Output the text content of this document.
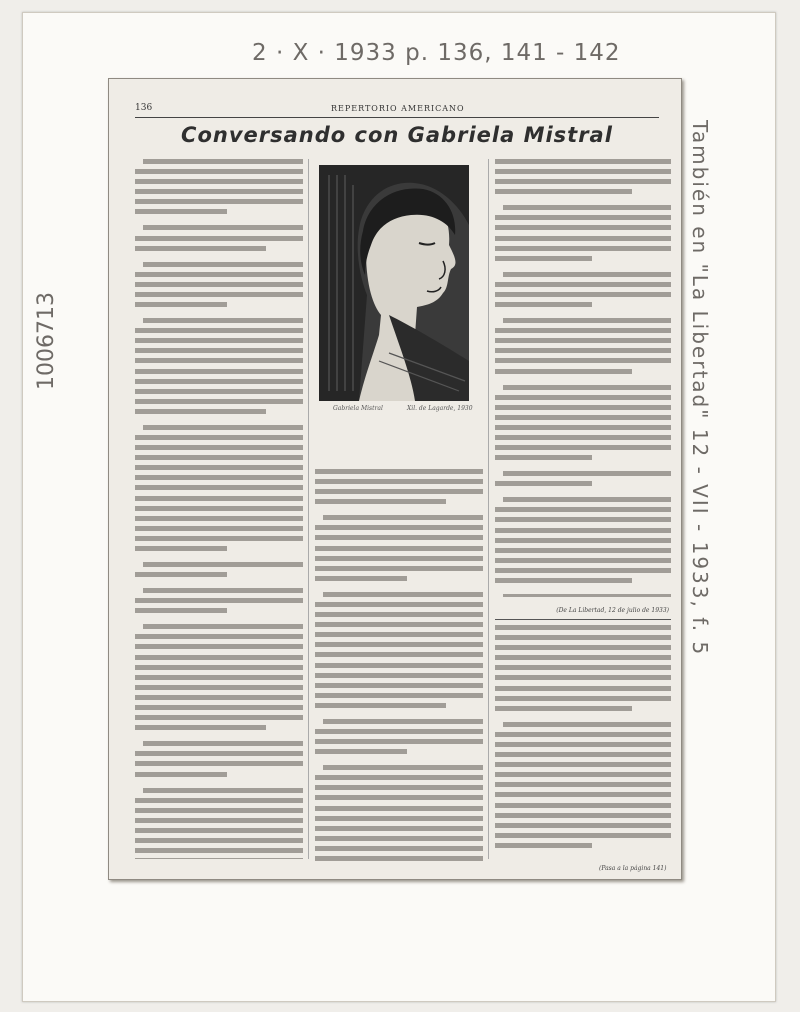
2 · X · 1933 p. 136, 141 - 142
1006713	También en "La Libertad" 12 - VII - 1933, f. 5
136	REPERTORIO AMERICANO
Conversando con Gabriela Mistral
Gabriela Mistral	Xil. de Lagarde, 1930
(De La Libertad, 12 de julio de 1933)
(Pasa a la página 141)
